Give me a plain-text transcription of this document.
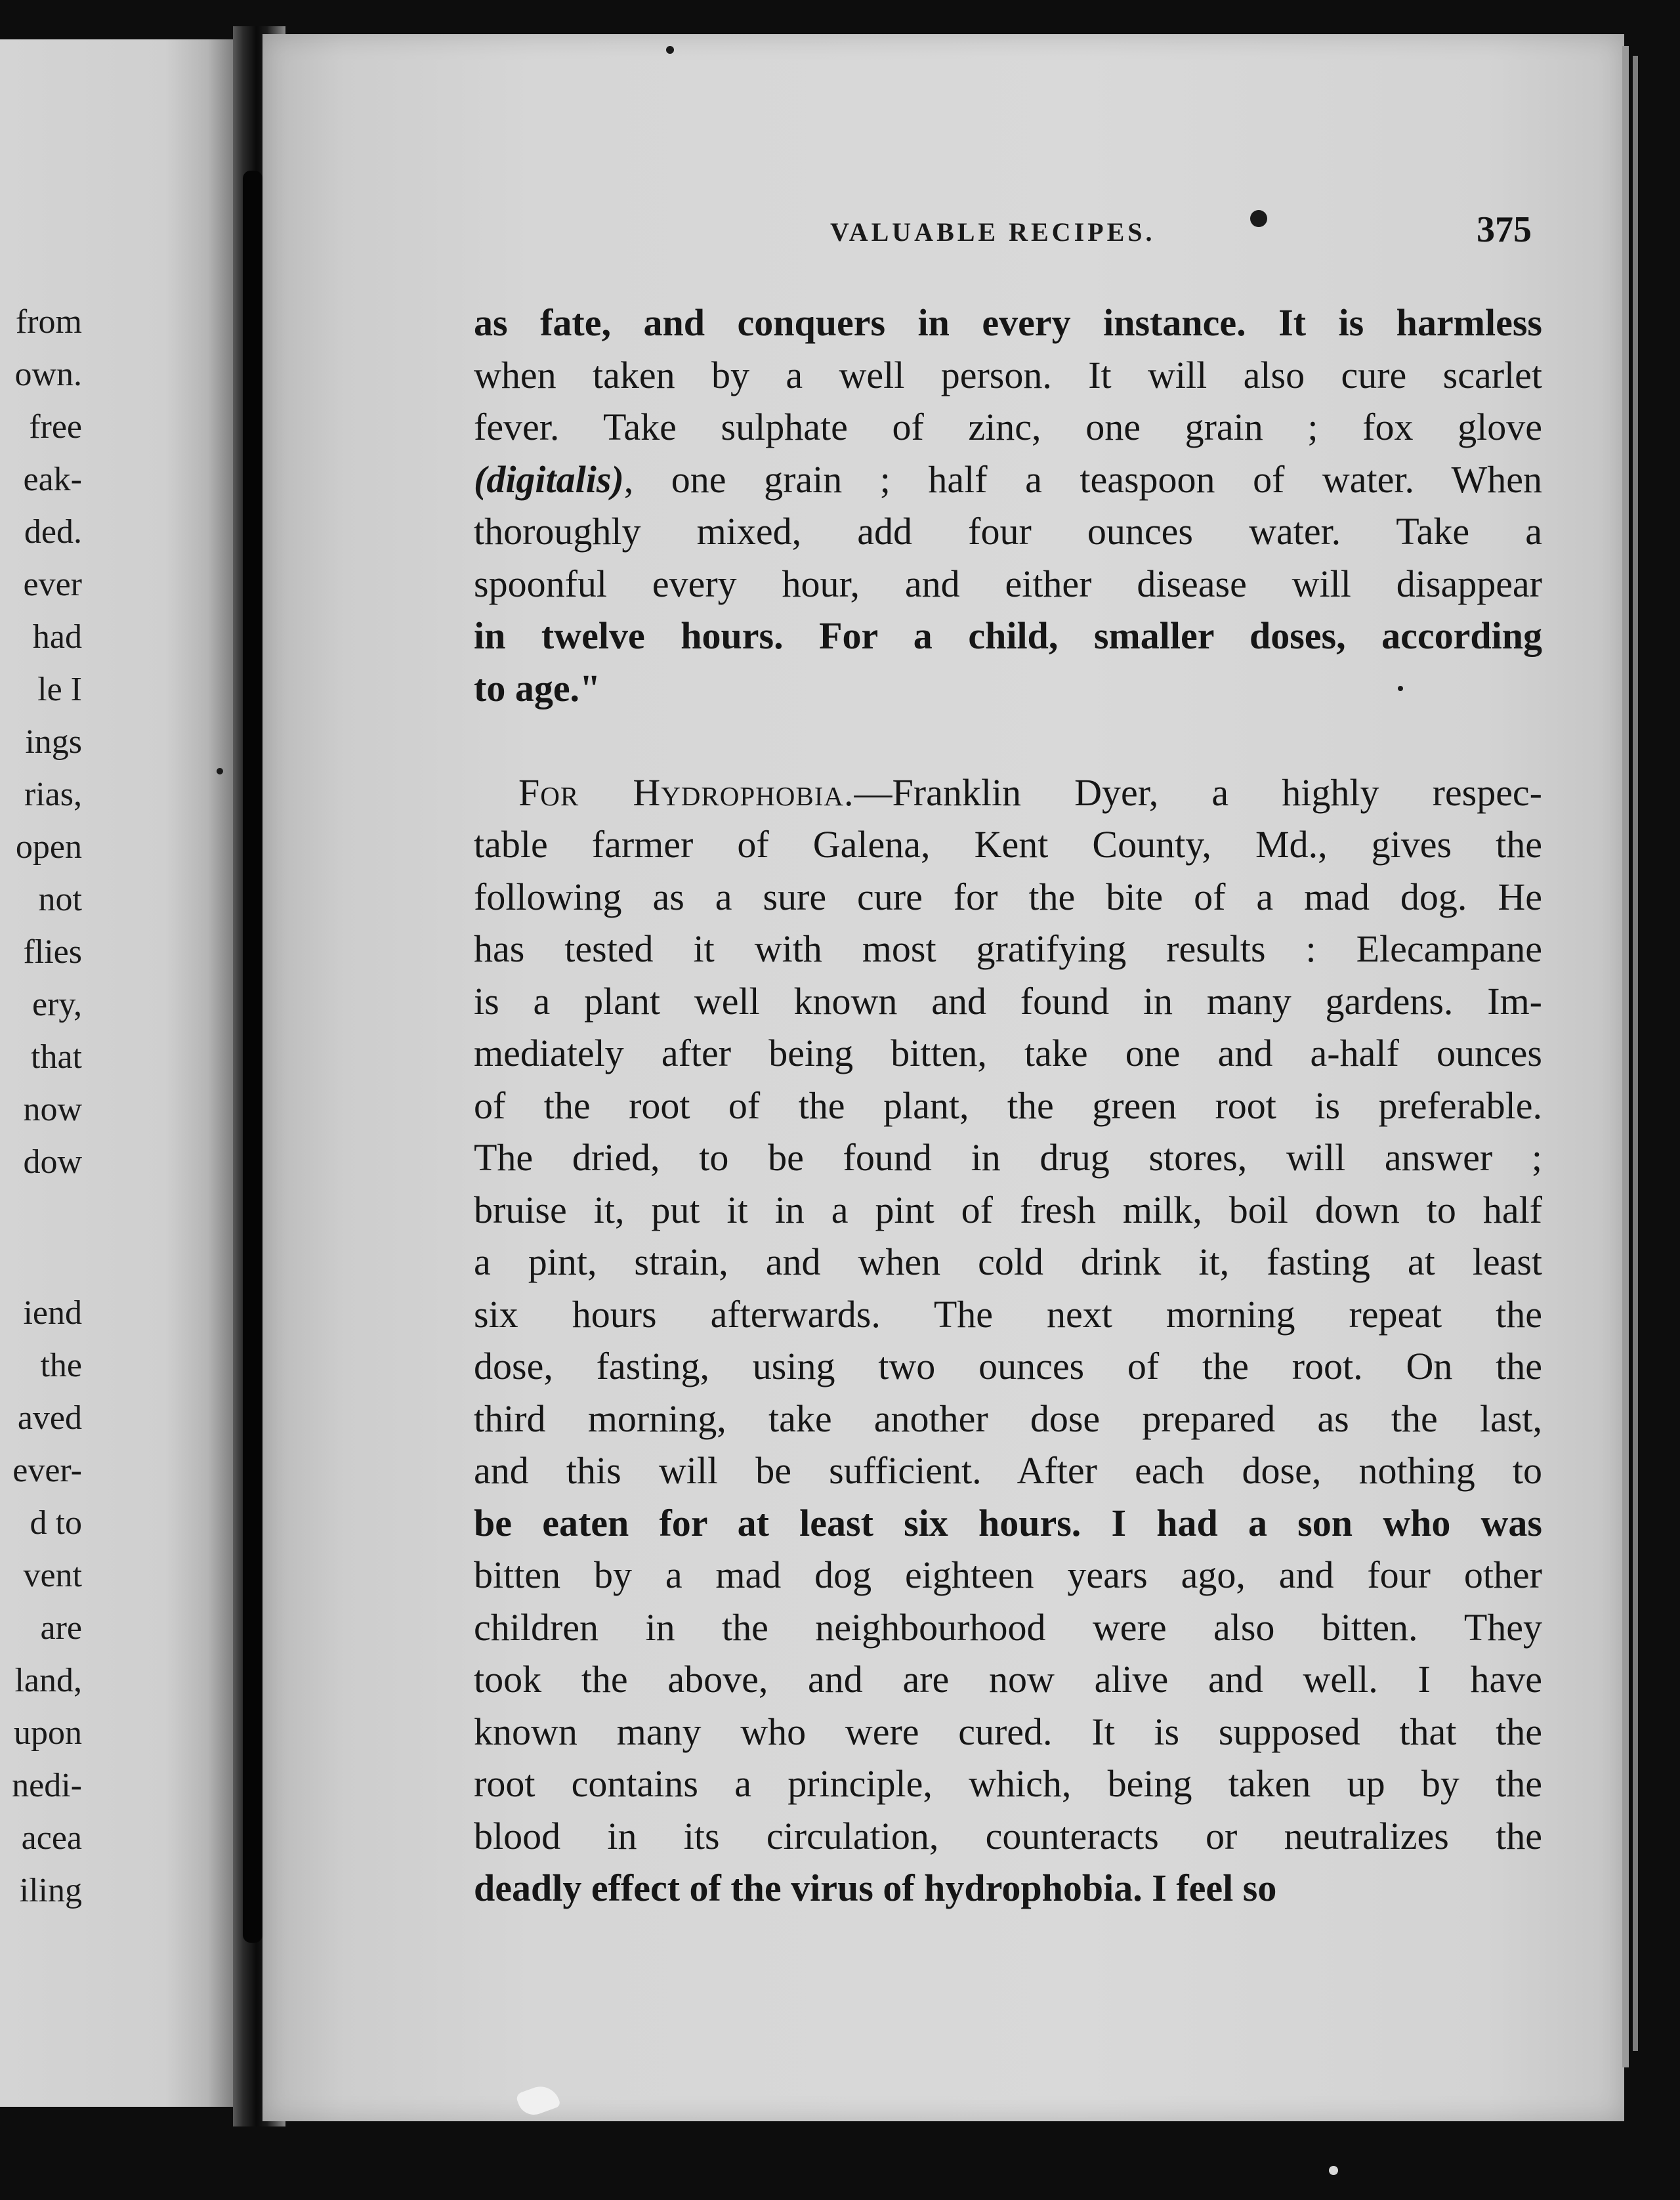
from
own.
free
eak-
ded.
ever
had
le I
ings
rias,
open
not
flies
ery,
that
now
dow
iend
the
aved
ever-
d to
vent
are
land,
upon
nedi-
acea
iling
VALUABLE RECIPES.	375
as fate, and conquers in every instance. It is harmless
when taken by a well person. It will also cure scarlet
fever. Take sulphate of zinc, one grain ; fox glove
(digitalis), one grain ; half a teaspoon of water. When
thoroughly mixed, add four ounces water. Take a
spoonful every hour, and either disease will disappear
in twelve hours. For a child, smaller doses, according
to age."
For Hydrophobia.—Franklin Dyer, a highly respec-
table farmer of Galena, Kent County, Md., gives the
following as a sure cure for the bite of a mad dog. He
has tested it with most gratifying results : Elecampane
is a plant well known and found in many gardens. Im-
mediately after being bitten, take one and a-half ounces
of the root of the plant, the green root is preferable.
The dried, to be found in drug stores, will answer ;
bruise it, put it in a pint of fresh milk, boil down to half
a pint, strain, and when cold drink it, fasting at least
six hours afterwards. The next morning repeat the
dose, fasting, using two ounces of the root. On the
third morning, take another dose prepared as the last,
and this will be sufficient. After each dose, nothing to
be eaten for at least six hours. I had a son who was
bitten by a mad dog eighteen years ago, and four other
children in the neighbourhood were also bitten. They
took the above, and are now alive and well. I have
known many who were cured. It is supposed that the
root contains a principle, which, being taken up by the
blood in its circulation, counteracts or neutralizes the
deadly effect of the virus of hydrophobia. I feel so
